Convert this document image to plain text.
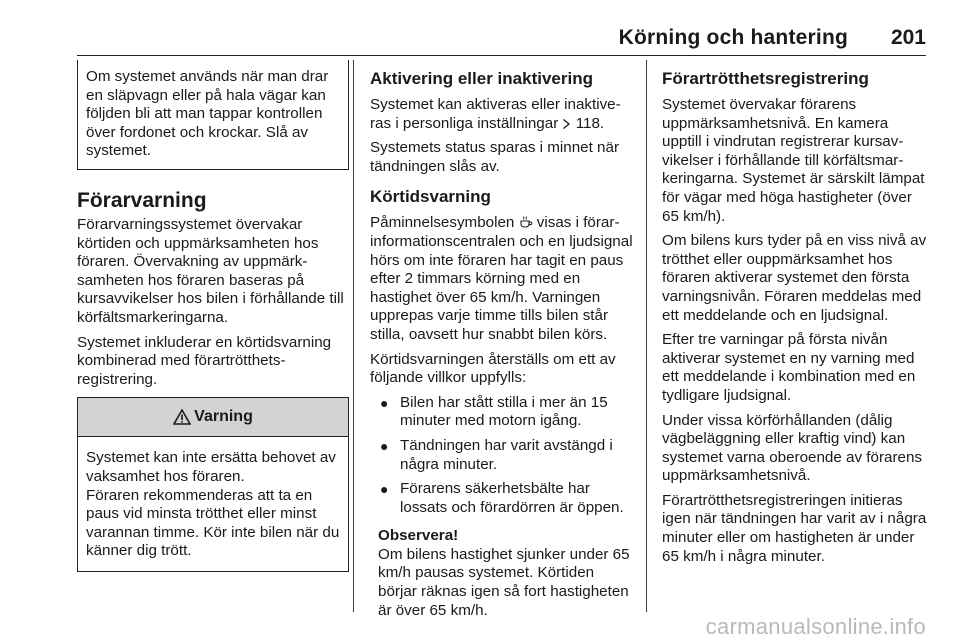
Körning och hantering 201

Om systemet används när man drar en släpvagn eller på hala vägar kan följden bli att man tappar kontrollen över fordonet och krockar. Slå av systemet.

Förarvarning

Förarvarningssystemet övervakar körtiden och uppmärksamheten hos föraren. Övervakning av uppmärksamheten hos föraren baseras på kursavvikelser hos bilen i förhållande till körfältsmarkeringarna.

Systemet inkluderar en körtidsvarning kombinerad med förartrötthetsregistrering.

Varning

Systemet kan inte ersätta behovet av vaksamhet hos föraren.

Föraren rekommenderas att ta en paus vid minsta trötthet eller minst varannan timme. Kör inte bilen när du känner dig trött.

Aktivering eller inaktivering

Systemet kan aktiveras eller inaktiveras i personliga inställningar  118.

Systemets status sparas i minnet när tändningen slås av.

Körtidsvarning

Påminnelsesymbolen  visas i förarinformationscentralen och en ljudsignal hörs om inte föraren har tagit en paus efter 2 timmars körning med en hastighet över 65 km/h. Varningen upprepas varje timme tills bilen står stilla, oavsett hur snabbt bilen körs.

Körtidsvarningen återställs om ett av följande villkor uppfylls:

● Bilen har stått stilla i mer än 15 minuter med motorn igång.
● Tändningen har varit avstängd i några minuter.
● Förarens säkerhetsbälte har lossats och förardörren är öppen.
Observera!
Om bilens hastighet sjunker under 65 km/h pausas systemet. Körtiden börjar räknas igen så fort hastigheten är över 65 km/h.
Förartrötthetsregistrering

Systemet övervakar förarens uppmärksamhetsnivå. En kamera upptill i vindrutan registrerar kursavvikelser i förhållande till körfältsmarkeringarna. Systemet är särskilt lämpat för vägar med höga hastigheter (över 65 km/h).

Om bilens kurs tyder på en viss nivå av trötthet eller ouppmärksamhet hos föraren aktiverar systemet den första varningsnivån. Föraren meddelas med ett meddelande och en ljudsignal.

Efter tre varningar på första nivån aktiverar systemet en ny varning med ett meddelande i kombination med en tydligare ljudsignal.

Under vissa körförhållanden (dålig vägbeläggning eller kraftig vind) kan systemet varna oberoende av förarens uppmärksamhetsnivå.

Förartrötthetsregistreringen initieras igen när tändningen har varit av i några minuter eller om hastigheten är under 65 km/h i några minuter.

carmanualsonline.info
